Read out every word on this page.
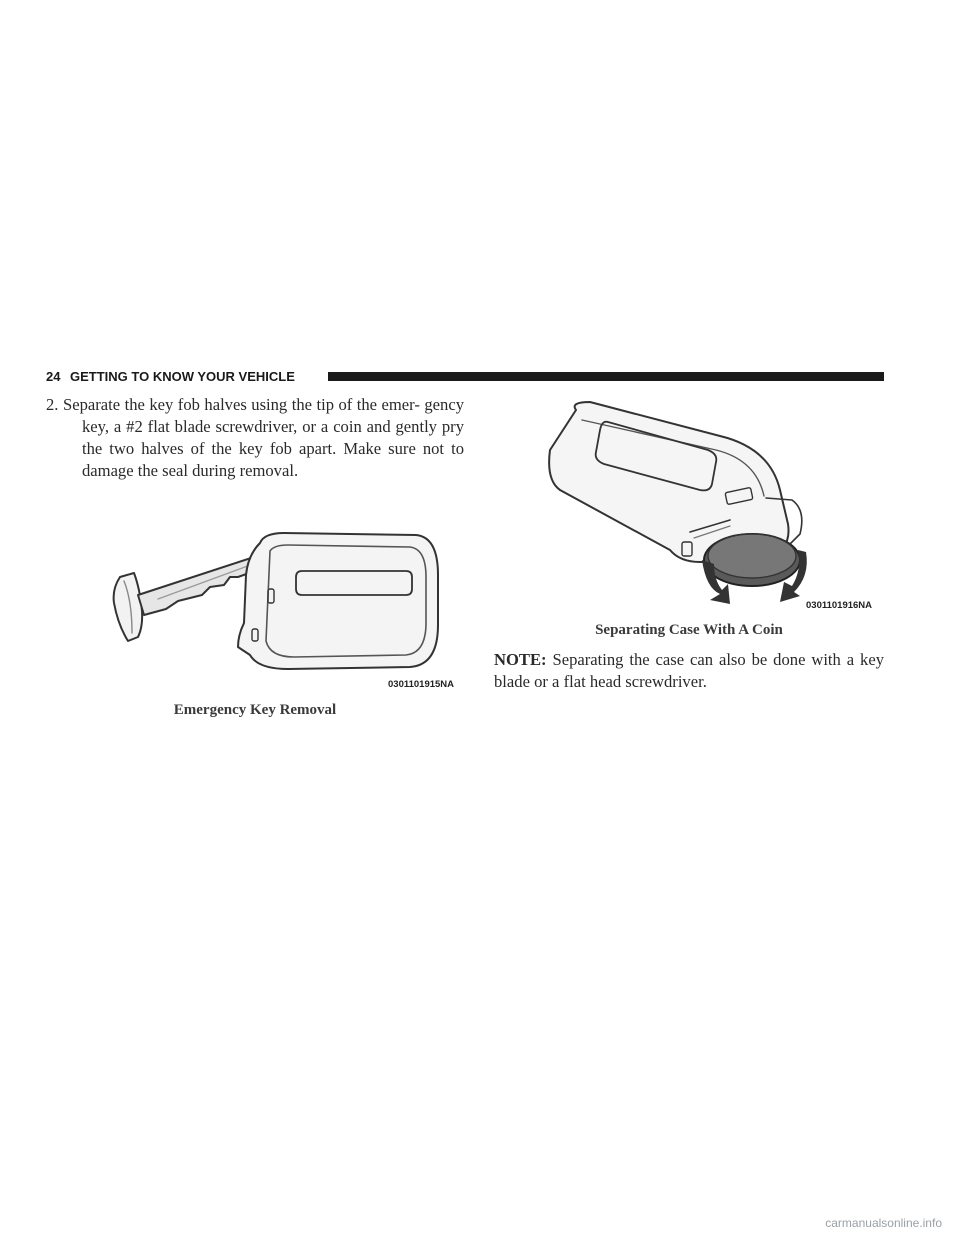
24 GETTING TO KNOW YOUR VEHICLE
2. Separate the key fob halves using the tip of the emer- gency key, a #2 flat blade screwdriver, or a coin and gently pry the two halves of the key fob apart. Make sure not to damage the seal during removal.
0301101915NA
Emergency Key Removal
0301101916NA
Separating Case With A Coin
NOTE: Separating the case can also be done with a key blade or a flat head screwdriver.
carmanualsonline.info
